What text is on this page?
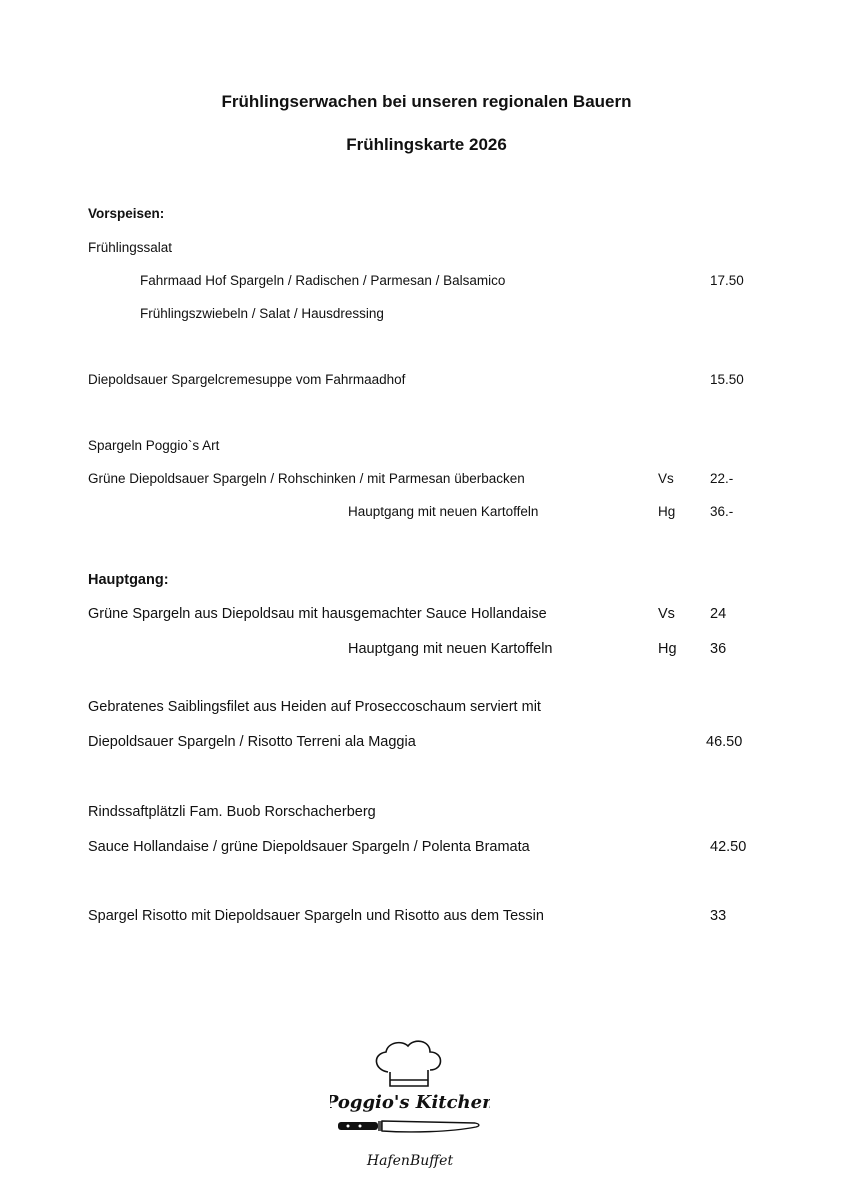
Frühlingserwachen bei unseren regionalen Bauern
Frühlingskarte 2026

Vorspeisen:

Frühlingssalat

Fahrmaad Hof Spargeln / Radischen / Parmesan / Balsamico	17.50

Frühlingszwiebeln / Salat / Hausdressing

Diepoldsauer Spargelcremesuppe vom Fahrmaadhof	15.50

Spargeln Poggio`s Art

Grüne Diepoldsauer Spargeln / Rohschinken / mit Parmesan überbacken	Vs	22.-

Hauptgang mit neuen Kartoffeln	Hg	36.-

Hauptgang:

Grüne Spargeln aus Diepoldsau mit hausgemachter Sauce Hollandaise	Vs 24

Hauptgang mit neuen Kartoffeln	Hg 36

Gebratenes Saiblingsfilet aus Heiden auf Proseccoschaum serviert mit

Diepoldsauer Spargeln / Risotto Terreni ala Maggia	46.50

Rindssaftplätzli Fam. Buob Rorschacherberg

Sauce Hollandaise / grüne Diepoldsauer Spargeln / Polenta Bramata	42.50

Spargel Risotto mit Diepoldsauer Spargeln und Risotto aus dem Tessin	33

Poggio's Kitchen
HafenBuffet
